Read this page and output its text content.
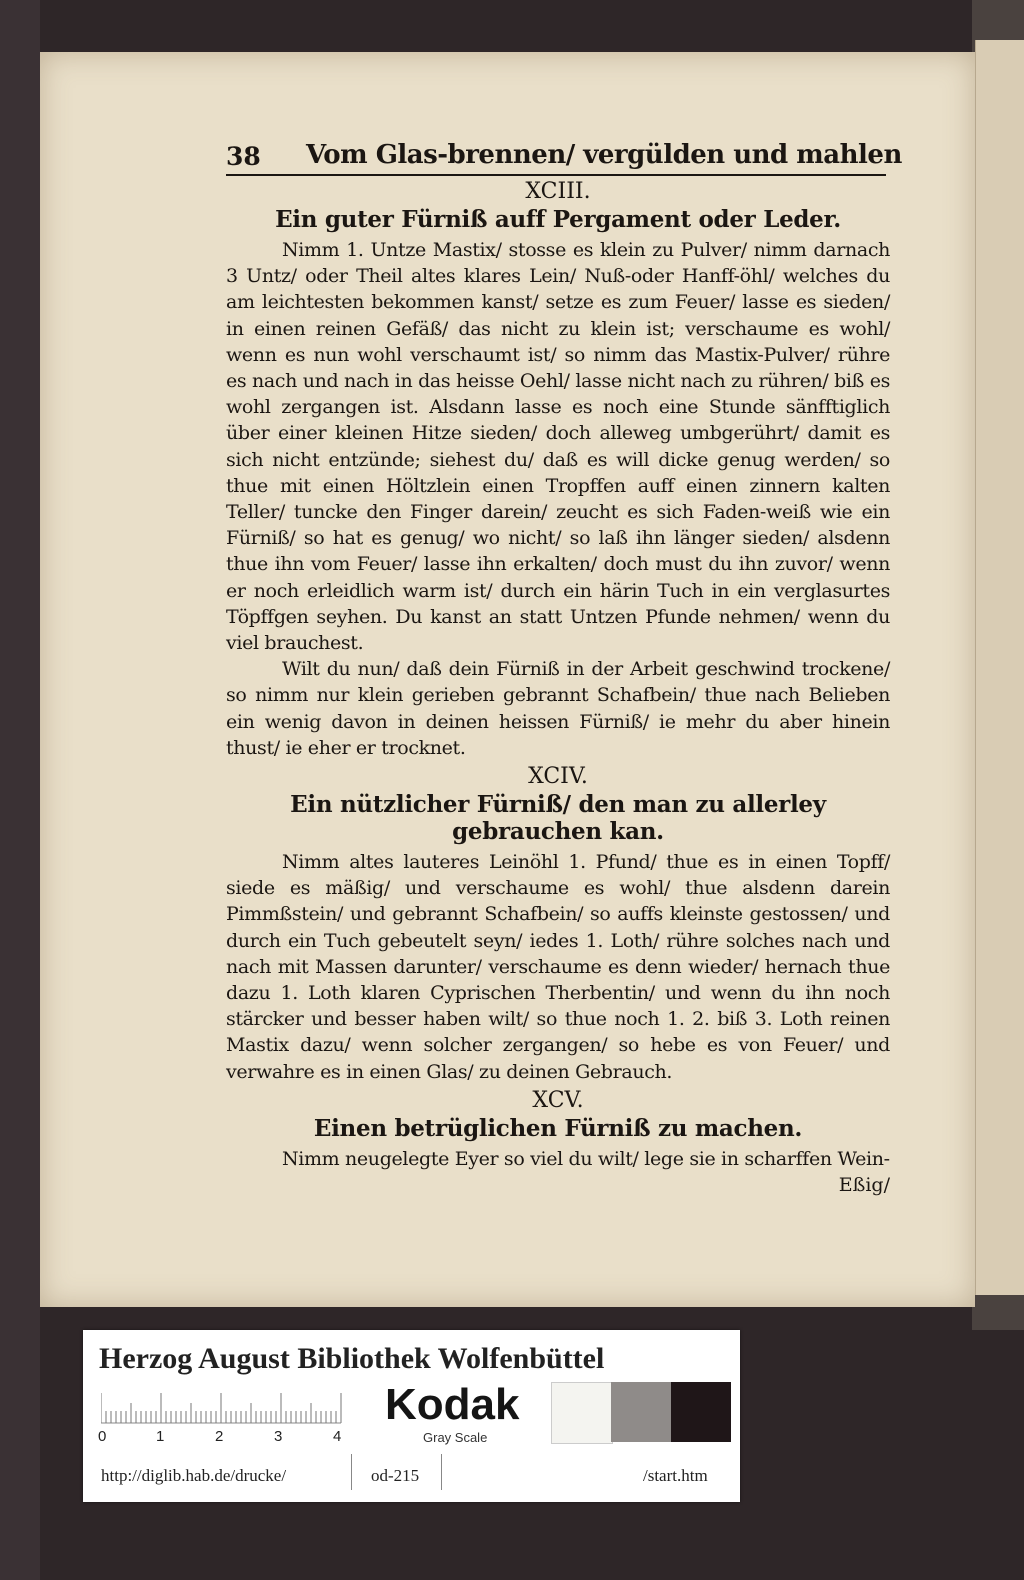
38 Vom Glas-brennen/ vergülden und mahlen
XCIII.
Ein guter Fürniß auff Pergament oder Leder.

Nimm 1. Untze Mastix/ stosse es klein zu Pulver/ nimm darnach 3 Untz/ oder Theil altes klares Lein/ Nuß-oder Hanff-öhl/ welches du am leichtesten bekommen kanst/ setze es zum Feuer/ lasse es sieden/ in einen reinen Gefäß/ das nicht zu klein ist; verschaume es wohl/ wenn es nun wohl verschaumt ist/ so nimm das Mastix-Pulver/ rühre es nach und nach in das heisse Oehl/ lasse nicht nach zu rühren/ biß es wohl zergangen ist. Alsdann lasse es noch eine Stunde sänfftiglich über einer kleinen Hitze sieden/ doch alleweg umbgerührt/ damit es sich nicht entzünde; siehest du/ daß es will dicke genug werden/ so thue mit einen Höltzlein einen Tropffen auff einen zinnern kalten Teller/ tuncke den Finger darein/ zeucht es sich Faden-weiß wie ein Fürniß/ so hat es genug/ wo nicht/ so laß ihn länger sieden/ alsdenn thue ihn vom Feuer/ lasse ihn erkalten/ doch must du ihn zuvor/ wenn er noch erleidlich warm ist/ durch ein härin Tuch in ein verglasurtes Töpffgen seyhen. Du kanst an statt Untzen Pfunde nehmen/ wenn du viel brauchest.

Wilt du nun/ daß dein Fürniß in der Arbeit geschwind trockene/ so nimm nur klein gerieben gebrannt Schafbein/ thue nach Belieben ein wenig davon in deinen heissen Fürniß/ ie mehr du aber hinein thust/ ie eher er trocknet.

XCIV.
Ein nützlicher Fürniß/ den man zu allerley gebrauchen kan.

Nimm altes lauteres Leinöhl 1. Pfund/ thue es in einen Topff/ siede es mäßig/ und verschaume es wohl/ thue alsdenn darein Pimmßstein/ und gebrannt Schafbein/ so auffs kleinste gestossen/ und durch ein Tuch gebeutelt seyn/ iedes 1. Loth/ rühre solches nach und nach mit Massen darunter/ verschaume es denn wieder/ hernach thue dazu 1. Loth klaren Cyprischen Therbentin/ und wenn du ihn noch stärcker und besser haben wilt/ so thue noch 1. 2. biß 3. Loth reinen Mastix dazu/ wenn solcher zergangen/ so hebe es von Feuer/ und verwahre es in einen Glas/ zu deinen Gebrauch.

XCV.
Einen betrüglichen Fürniß zu machen.

Nimm neugelegte Eyer so viel du wilt/ lege sie in scharffen Wein-

Eßig/

Herzog August Bibliothek Wolfenbüttel
0	1	2	3	4
Kodak
Gray Scale
http://diglib.hab.de/drucke/	od-215	/start.htm
